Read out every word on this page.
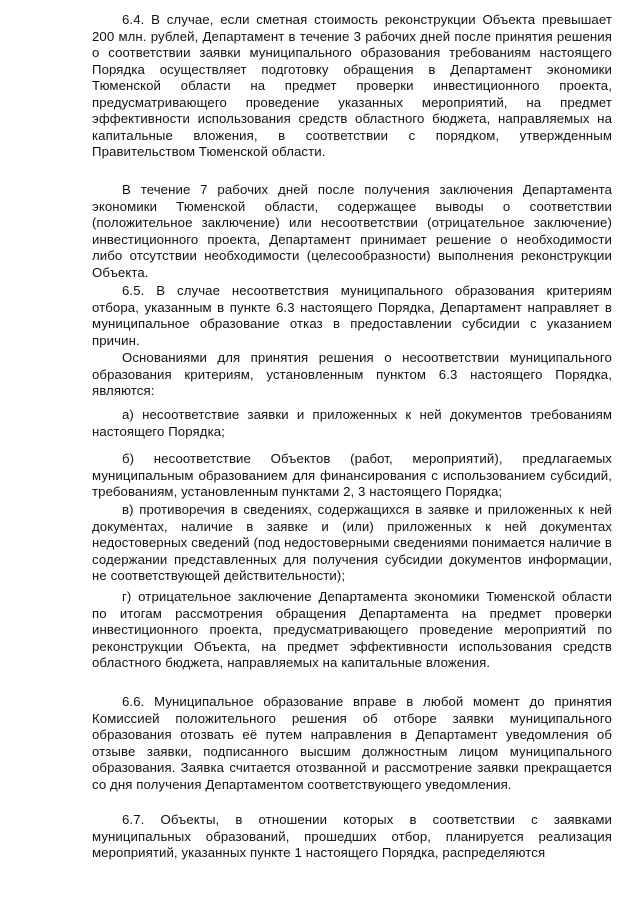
6.4. В случае, если сметная стоимость реконструкции Объекта превышает 200 млн. рублей, Департамент в течение 3 рабочих дней после принятия решения о соответствии заявки муниципального образования требованиям настоящего Порядка осуществляет подготовку обращения в Департамент экономики Тюменской области на предмет проверки инвестиционного проекта, предусматривающего проведение указанных мероприятий, на предмет эффективности использования средств областного бюджета, направляемых на капитальные вложения, в соответствии с порядком, утвержденным Правительством Тюменской области.

В течение 7 рабочих дней после получения заключения Департамента экономики Тюменской области, содержащее выводы о соответствии (положительное заключение) или несоответствии (отрицательное заключение) инвестиционного проекта, Департамент принимает решение о необходимости либо отсутствии необходимости (целесообразности) выполнения реконструкции Объекта.

6.5. В случае несоответствия муниципального образования критериям отбора, указанным в пункте 6.3 настоящего Порядка, Департамент направляет в муниципальное образование отказ в предоставлении субсидии с указанием причин.

Основаниями для принятия решения о несоответствии муниципального образования критериям, установленным пунктом 6.3 настоящего Порядка, являются:

а) несоответствие заявки и приложенных к ней документов требованиям настоящего Порядка;

б) несоответствие Объектов (работ, мероприятий), предлагаемых муниципальным образованием для финансирования с использованием субсидий, требованиям, установленным пунктами 2, 3 настоящего Порядка;

в) противоречия в сведениях, содержащихся в заявке и приложенных к ней документах, наличие в заявке и (или) приложенных к ней документах недостоверных сведений (под недостоверными сведениями понимается наличие в содержании представленных для получения субсидии документов информации, не соответствующей действительности);

г) отрицательное заключение Департамента экономики Тюменской области по итогам рассмотрения обращения Департамента на предмет проверки инвестиционного проекта, предусматривающего проведение мероприятий по реконструкции Объекта, на предмет эффективности использования средств областного бюджета, направляемых на капитальные вложения.

6.6. Муниципальное образование вправе в любой момент до принятия Комиссией положительного решения об отборе заявки муниципального образования отозвать её путем направления в Департамент уведомления об отзыве заявки, подписанного высшим должностным лицом муниципального образования. Заявка считается отозванной и рассмотрение заявки прекращается со дня получения Департаментом соответствующего уведомления.

6.7. Объекты, в отношении которых в соответствии с заявками муниципальных образований, прошедших отбор, планируется реализация мероприятий, указанных пункте 1 настоящего Порядка, распределяются
